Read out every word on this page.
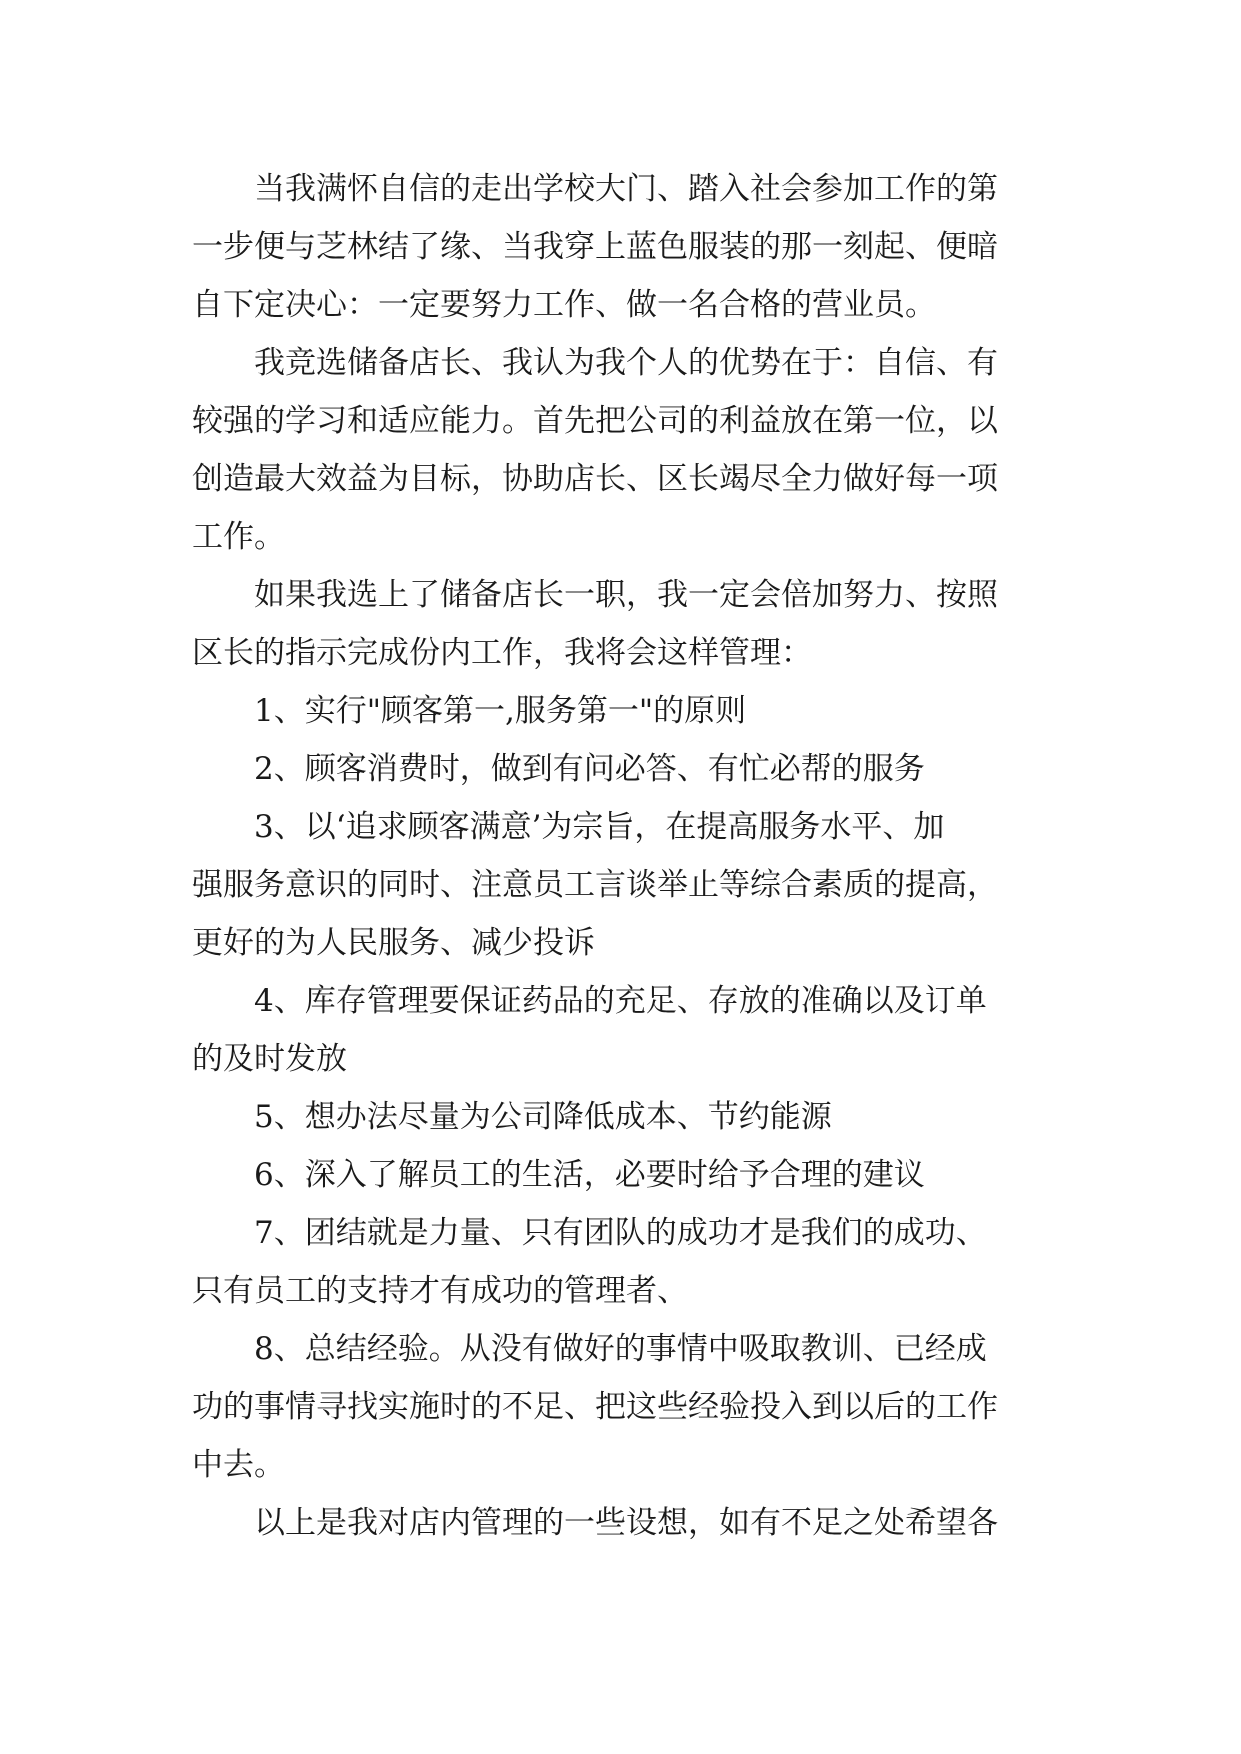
当我满怀自信的走出学校大门、踏入社会参加工作的第
一步便与芝林结了缘、当我穿上蓝色服装的那一刻起、便暗
自下定决心：一定要努力工作、做一名合格的营业员。

我竞选储备店长、我认为我个人的优势在于：自信、有
较强的学习和适应能力。首先把公司的利益放在第一位，以
创造最大效益为目标，协助店长、区长竭尽全力做好每一项
工作。

如果我选上了储备店长一职，我一定会倍加努力、按照
区长的指示完成份内工作，我将会这样管理：

1、实行"顾客第一,服务第一"的原则

2、顾客消费时，做到有问必答、有忙必帮的服务

3、以‘追求顾客满意’为宗旨，在提高服务水平、加
强服务意识的同时、注意员工言谈举止等综合素质的提高，
更好的为人民服务、减少投诉

4、库存管理要保证药品的充足、存放的准确以及订单
的及时发放

5、想办法尽量为公司降低成本、节约能源

6、深入了解员工的生活，必要时给予合理的建议

7、团结就是力量、只有团队的成功才是我们的成功、
只有员工的支持才有成功的管理者、

8、总结经验。从没有做好的事情中吸取教训、已经成
功的事情寻找实施时的不足、把这些经验投入到以后的工作
中去。

以上是我对店内管理的一些设想，如有不足之处希望各
